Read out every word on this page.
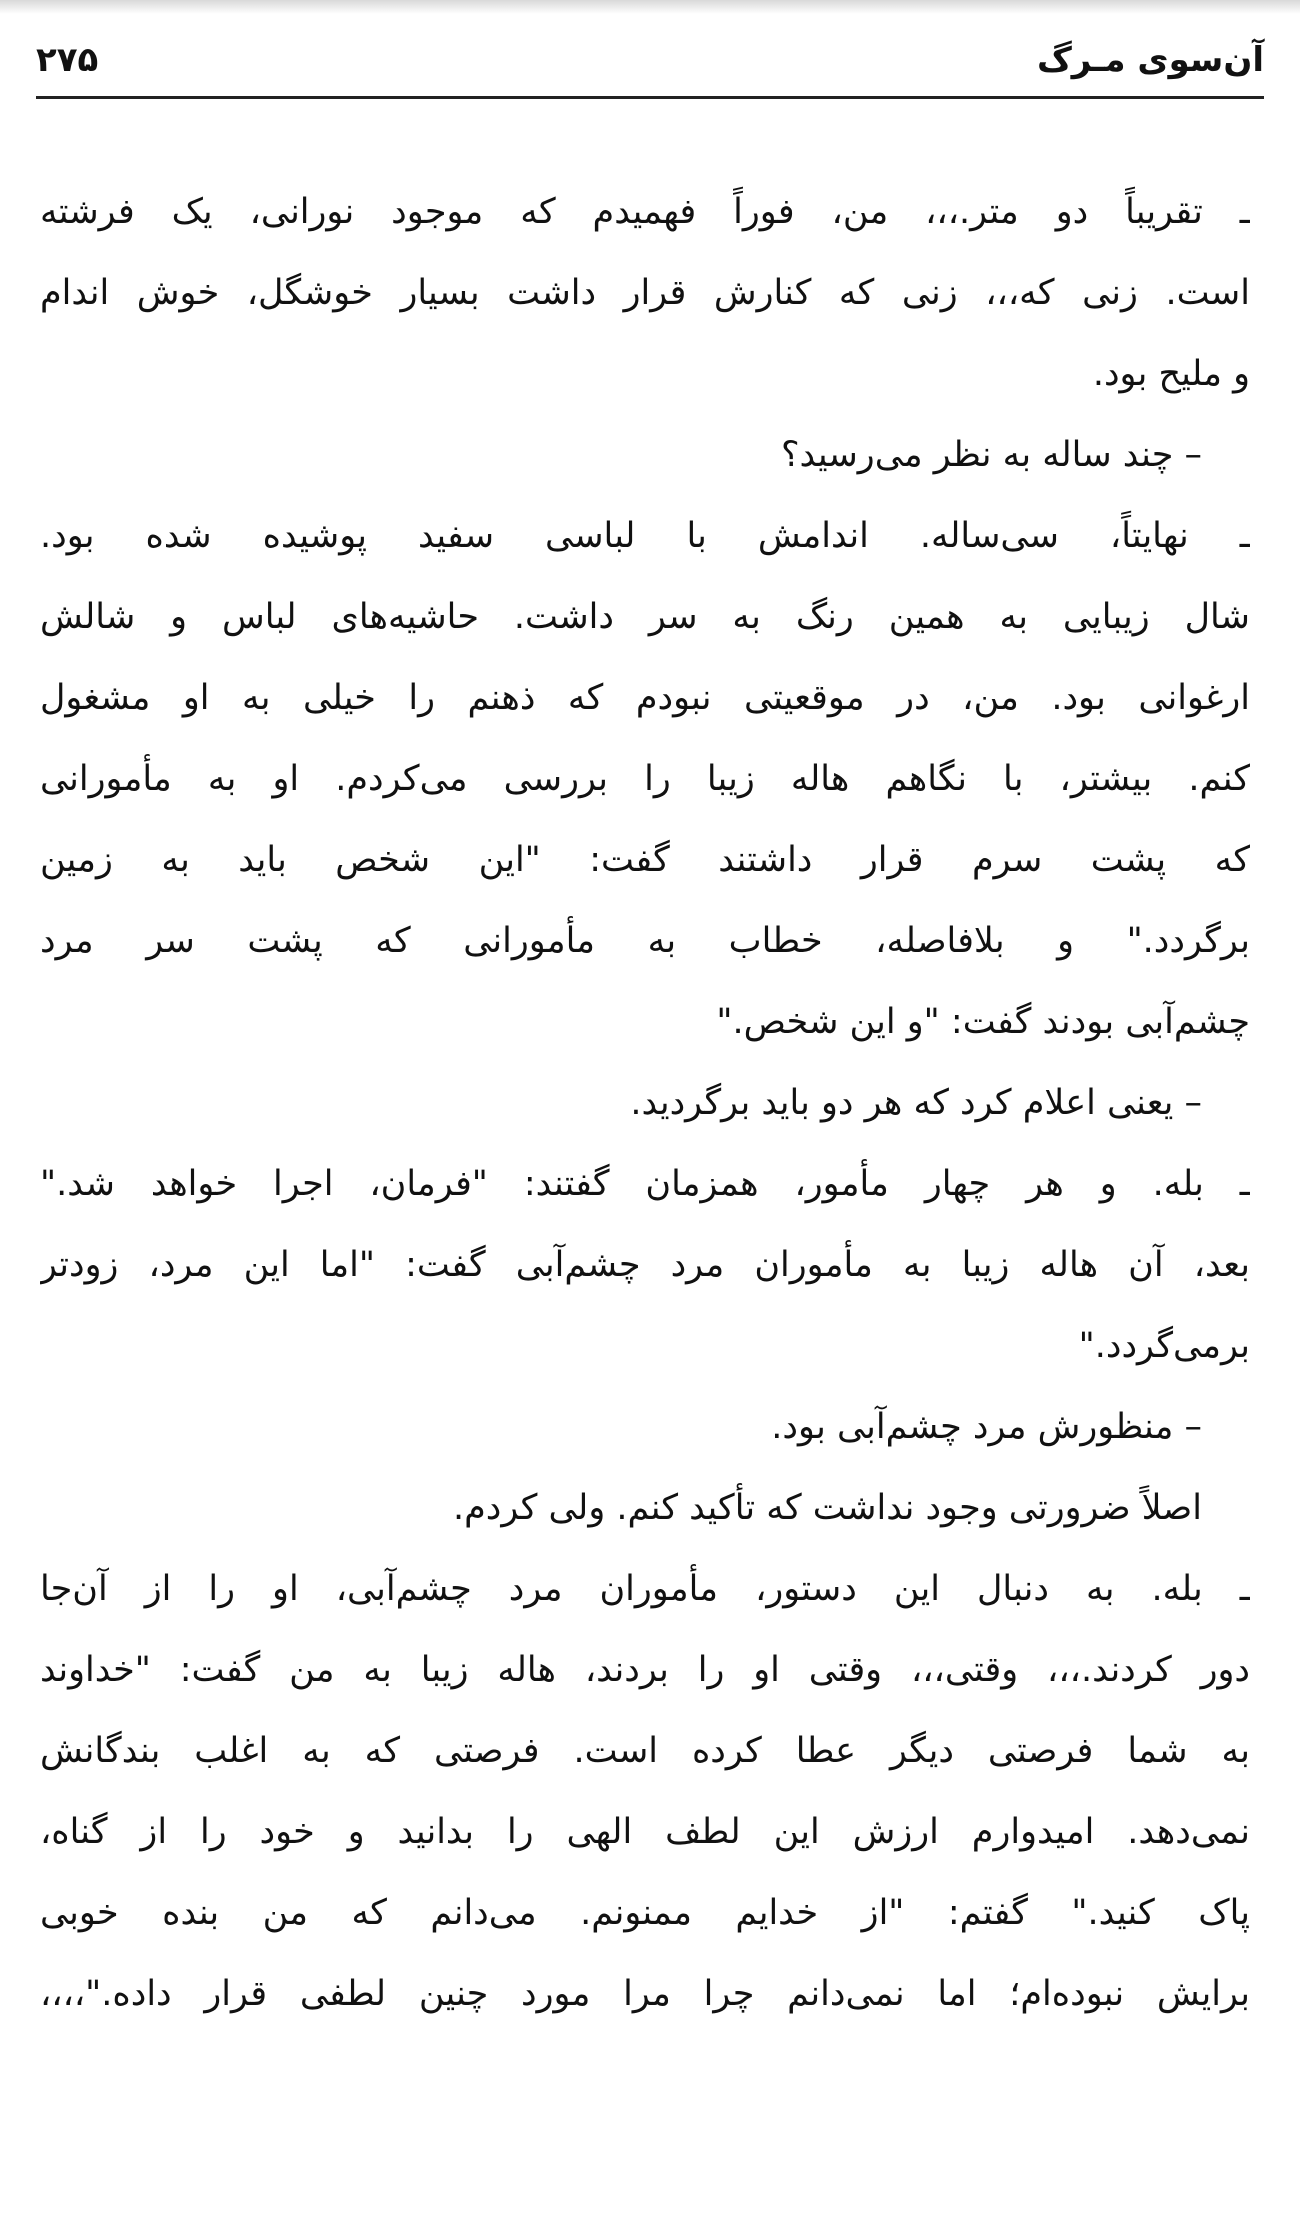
آن‌سوی مـرگ
۲۷۵
ـ تقریباً دو متر.،،، من، فوراً فهمیدم که موجود نورانی، یک فرشته
است. زنی که،،، زنی که کنارش قرار داشت بسیار خوشگل، خوش اندام
و ملیح بود.
– چند ساله به نظر می‌رسید؟
ـ نهایتاً، سی‌ساله. اندامش با لباسی سفید پوشیده شده بود.
شال زیبایی به همین رنگ به سر داشت. حاشیه‌های لباس و شالش
ارغوانی بود. من، در موقعیتی نبودم که ذهنم را خیلی به او مشغول
کنم. بیشتر، با نگاهم هاله زیبا را بررسی می‌کردم. او به مأمورانی
که پشت سرم قرار داشتند گفت: "این شخص باید به زمین
برگردد." و بلافاصله، خطاب به مأمورانی که پشت سر مرد
چشم‌آبی بودند گفت: "و این شخص."
– یعنی اعلام کرد که هر دو باید برگردید.
ـ بله. و هر چهار مأمور، همزمان گفتند: "فرمان، اجرا خواهد شد."
بعد، آن هاله زیبا به مأموران مرد چشم‌آبی گفت: "اما این مرد، زودتر
برمی‌گردد."
– منظورش مرد چشم‌آبی بود.
اصلاً ضرورتی وجود نداشت که تأکید کنم. ولی کردم.
ـ بله. به دنبال این دستور، مأموران مرد چشم‌آبی، او را از آن‌جا
دور کردند.،،، وقتی،،، وقتی او را بردند، هاله زیبا به من گفت: "خداوند
به شما فرصتی دیگر عطا کرده است. فرصتی که به اغلب بندگانش
نمی‌دهد. امیدوارم ارزش این لطف الهی را بدانید و خود را از گناه،
پاک کنید." گفتم: "از خدایم ممنونم. می‌دانم که من بنده خوبی
برایش نبوده‌ام؛ اما نمی‌دانم چرا مرا مورد چنین لطفی قرار داده."،،،،
